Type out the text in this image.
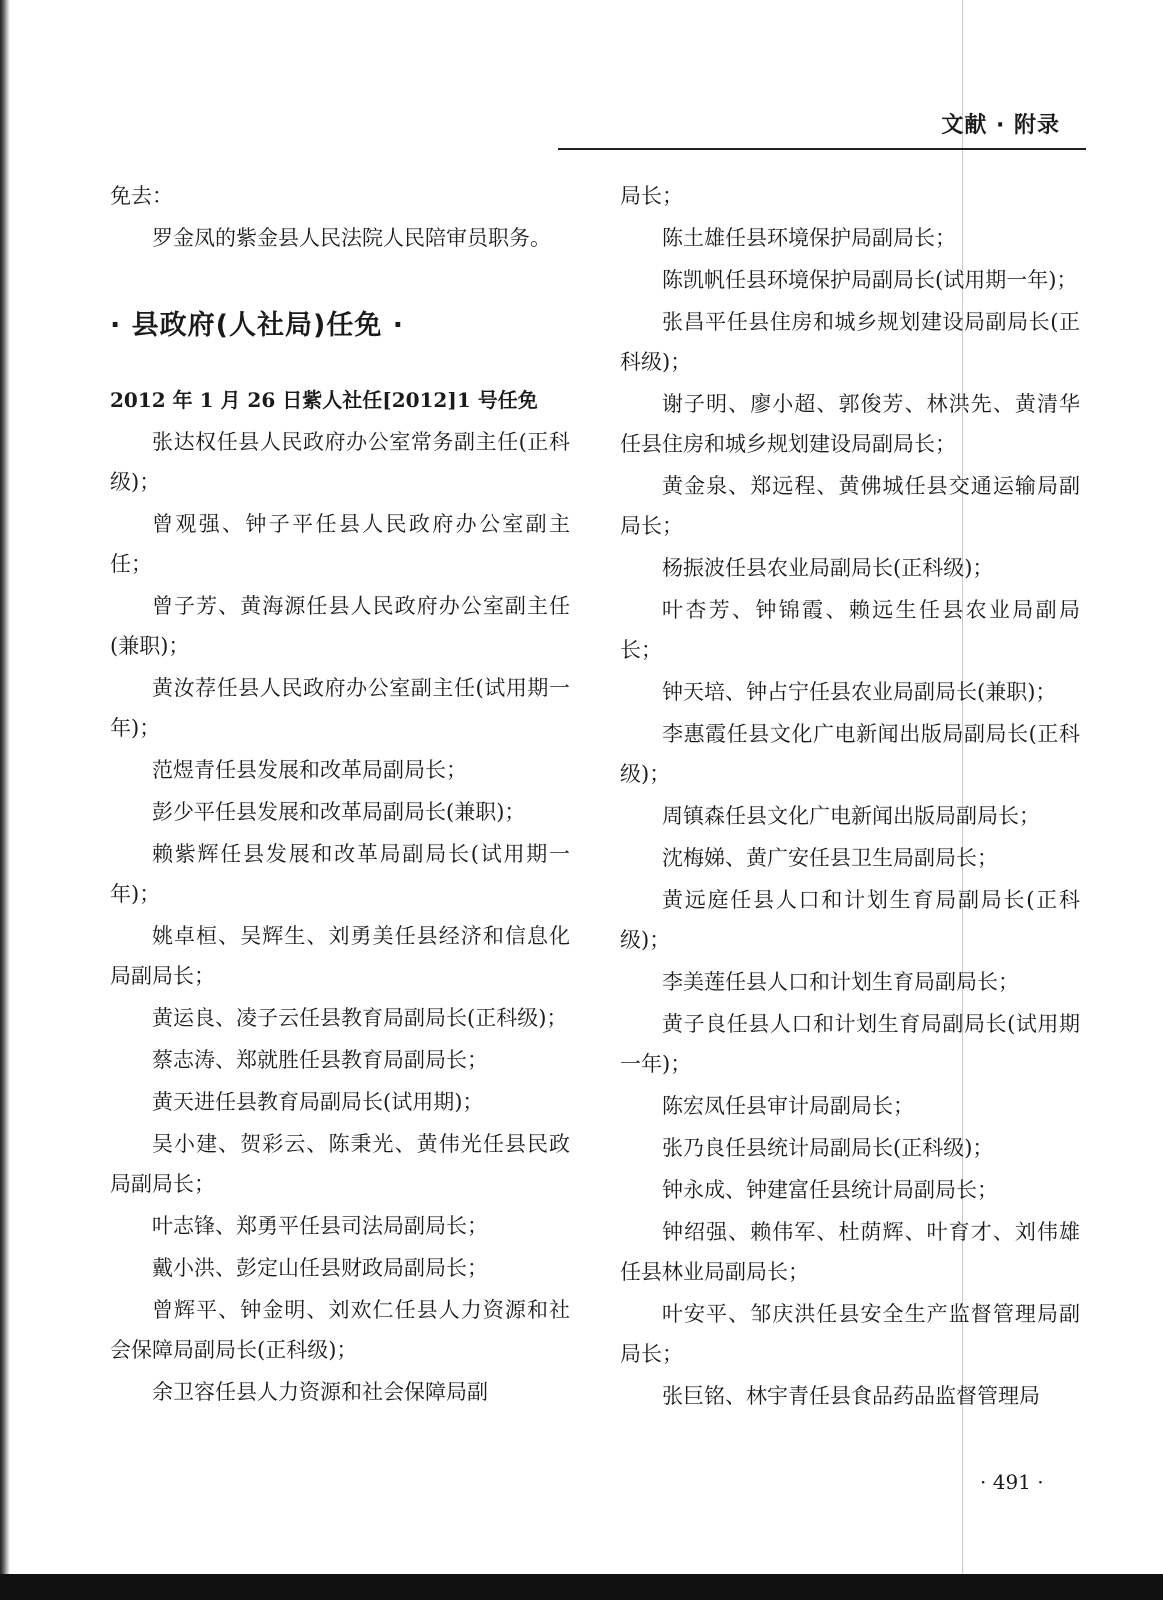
文献 · 附录

免去：

罗金凤的紫金县人民法院人民陪审员职务。

· 县政府(人社局)任免 ·

2012 年 1 月 26 日紫人社任[2012]1 号任免

张达权任县人民政府办公室常务副主任(正科级)；

曾观强、钟子平任县人民政府办公室副主任；

曾子芳、黄海源任县人民政府办公室副主任(兼职)；

黄汝荐任县人民政府办公室副主任(试用期一年)；

范煜青任县发展和改革局副局长；

彭少平任县发展和改革局副局长(兼职)；

赖紫辉任县发展和改革局副局长(试用期一年)；

姚卓桓、吴辉生、刘勇美任县经济和信息化局副局长；

黄运良、凌子云任县教育局副局长(正科级)；

蔡志涛、郑就胜任县教育局副局长；

黄天进任县教育局副局长(试用期)；

吴小建、贺彩云、陈秉光、黄伟光任县民政局副局长；

叶志锋、郑勇平任县司法局副局长；

戴小洪、彭定山任县财政局副局长；

曾辉平、钟金明、刘欢仁任县人力资源和社会保障局副局长(正科级)；

余卫容任县人力资源和社会保障局副

局长；

陈土雄任县环境保护局副局长；

陈凯帆任县环境保护局副局长(试用期一年)；

张昌平任县住房和城乡规划建设局副局长(正科级)；

谢子明、廖小超、郭俊芳、林洪先、黄清华任县住房和城乡规划建设局副局长；

黄金泉、郑远程、黄佛城任县交通运输局副局长；

杨振波任县农业局副局长(正科级)；

叶杏芳、钟锦霞、赖远生任县农业局副局长；

钟天培、钟占宁任县农业局副局长(兼职)；

李惠霞任县文化广电新闻出版局副局长(正科级)；

周镇森任县文化广电新闻出版局副局长；

沈梅娣、黄广安任县卫生局副局长；

黄远庭任县人口和计划生育局副局长(正科级)；

李美莲任县人口和计划生育局副局长；

黄子良任县人口和计划生育局副局长(试用期一年)；

陈宏凤任县审计局副局长；

张乃良任县统计局副局长(正科级)；

钟永成、钟建富任县统计局副局长；

钟绍强、赖伟军、杜荫辉、叶育才、刘伟雄任县林业局副局长；

叶安平、邹庆洪任县安全生产监督管理局副局长；

张巨铭、林宇青任县食品药品监督管理局

· 491 ·
